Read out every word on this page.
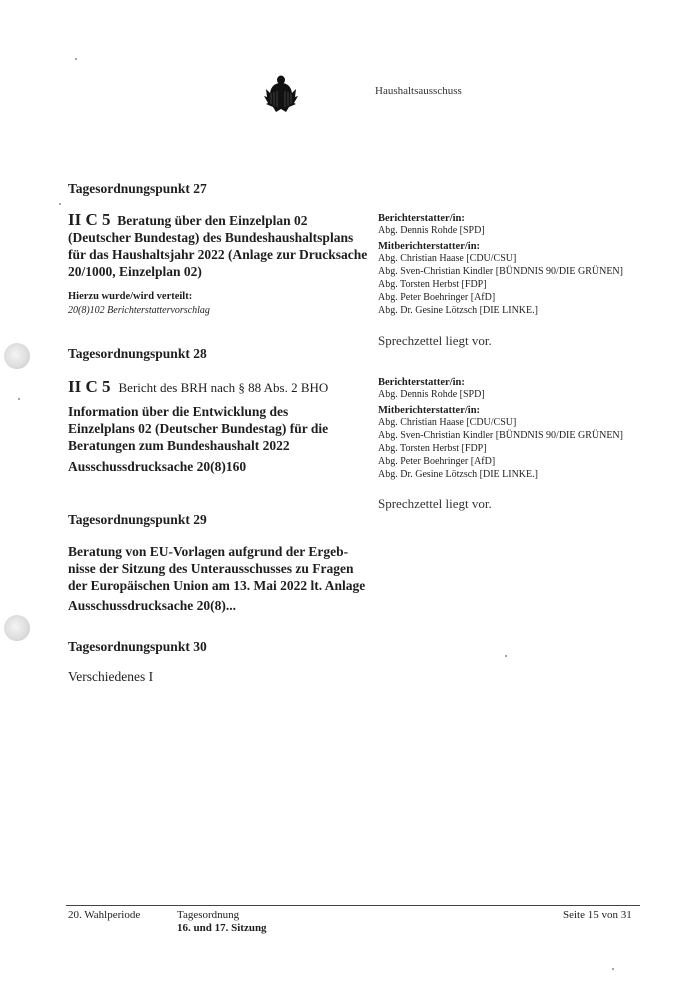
Haushaltsausschuss
Tagesordnungspunkt 27
II C 5 Beratung über den Einzelplan 02
(Deutscher Bundestag) des Bundeshaushaltsplans
für das Haushaltsjahr 2022 (Anlage zur Drucksache
20/1000, Einzelplan 02)
Hierzu wurde/wird verteilt:
20(8)102 Berichterstattervorschlag
Berichterstatter/in:
Abg. Dennis Rohde [SPD]
Mitberichterstatter/in:
Abg. Christian Haase [CDU/CSU]
Abg. Sven-Christian Kindler [BÜNDNIS 90/DIE GRÜNEN]
Abg. Torsten Herbst [FDP]
Abg. Peter Boehringer [AfD]
Abg. Dr. Gesine Lötzsch [DIE LINKE.]
Sprechzettel liegt vor.
Tagesordnungspunkt 28
II C 5 Bericht des BRH nach § 88 Abs. 2 BHO
Information über die Entwicklung des
Einzelplans 02 (Deutscher Bundestag) für die
Beratungen zum Bundeshaushalt 2022
Ausschussdrucksache 20(8)160
Berichterstatter/in:
Abg. Dennis Rohde [SPD]
Mitberichterstatter/in:
Abg. Christian Haase [CDU/CSU]
Abg. Sven-Christian Kindler [BÜNDNIS 90/DIE GRÜNEN]
Abg. Torsten Herbst [FDP]
Abg. Peter Boehringer [AfD]
Abg. Dr. Gesine Lötzsch [DIE LINKE.]
Sprechzettel liegt vor.
Tagesordnungspunkt 29
Beratung von EU-Vorlagen aufgrund der Ergeb-
nisse der Sitzung des Unterausschusses zu Fragen
der Europäischen Union am 13. Mai 2022 lt. Anlage
Ausschussdrucksache 20(8)...
Tagesordnungspunkt 30
Verschiedenes I
20. Wahlperiode	Tagesordnung
16. und 17. Sitzung
Seite 15 von 31
